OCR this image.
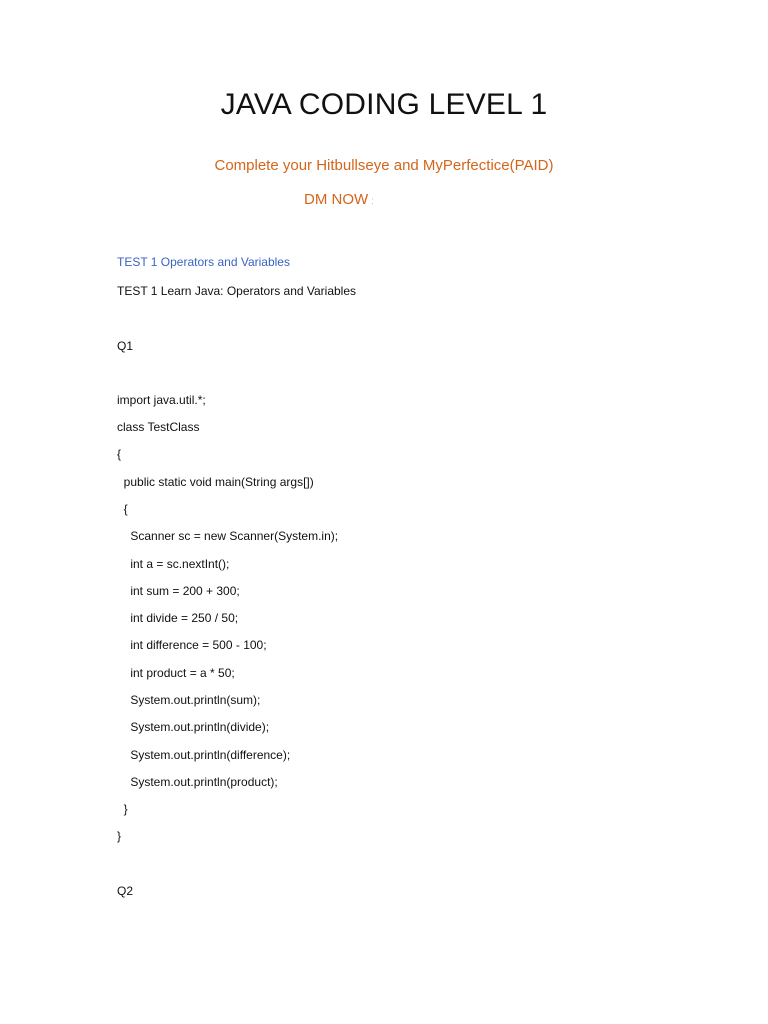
JAVA CODING LEVEL 1

Complete your Hitbullseye and MyPerfectice(PAID)

DM NOW :

TEST 1 Operators and Variables

TEST 1 Learn Java: Operators and Variables

Q1

import java.util.*;

class TestClass

{

public static void main(String args[])

{

Scanner sc = new Scanner(System.in);

int a = sc.nextInt();

int sum = 200 + 300;

int divide = 250 / 50;

int difference = 500 - 100;

int product = a * 50;

System.out.println(sum);

System.out.println(divide);

System.out.println(difference);

System.out.println(product);

}

}

Q2
